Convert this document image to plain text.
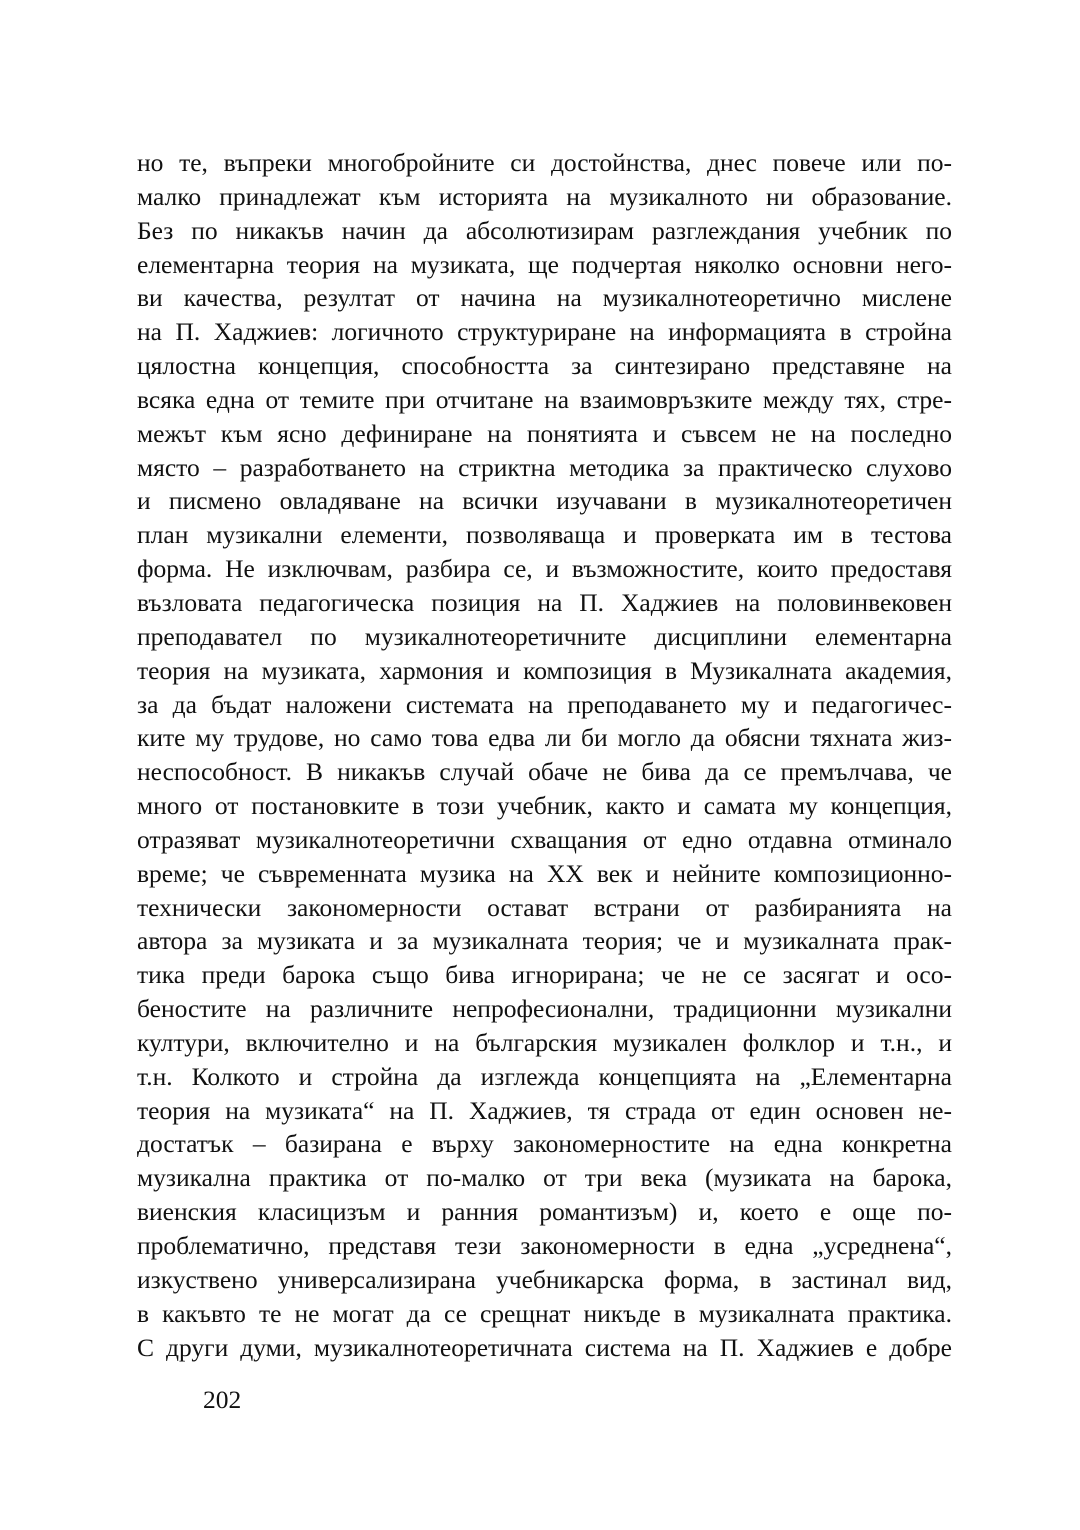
но те, въпреки многобройните си достойнства, днес повече или по-
малко принадлежат към историята на музикалното ни образование.
Без по никакъв начин да абсолютизирам разглеждания учебник по
елементарна теория на музиката, ще подчертая няколко основни него-
ви качества, резултат от начина на музикалнотеоретично мислене
на П. Хаджиев: логичното структуриране на информацията в стройна
цялостна концепция, способността за синтезирано представяне на
всяка една от темите при отчитане на взаимовръзките между тях, стре-
межът към ясно дефиниране на понятията и съвсем не на последно
място – разработването на стриктна методика за практическо слухово
и писмено овладяване на всички изучавани в музикалнотеоретичен
план музикални елементи, позволяваща и проверката им в тестова
форма. Не изключвам, разбира се, и възможностите, които предоставя
възловата педагогическа позиция на П. Хаджиев на половинвековен
преподавател по музикалнотеоретичните дисциплини елементарна
теория на музиката, хармония и композиция в Музикалната академия,
за да бъдат наложени системата на преподаването му и педагогичес-
ките му трудове, но само това едва ли би могло да обясни тяхната жиз-
неспособност. В никакъв случай обаче не бива да се премълчава, че
много от постановките в този учебник, както и самата му концепция,
отразяват музикалнотеоретични схващания от едно отдавна отминало
време; че съвременната музика на ХХ век и нейните композиционно-
технически закономерности остават встрани от разбиранията на
автора за музиката и за музикалната теория; че и музикалната прак-
тика преди барока също бива игнорирана; че не се засягат и осо-
беностите на различните непрофесионални, традиционни музикални
култури, включително и на българския музикален фолклор и т.н., и
т.н. Колкото и стройна да изглежда концепцията на „Елементарна
теория на музиката“ на П. Хаджиев, тя страда от един основен не-
достатък – базирана е върху закономерностите на една конкретна
музикална практика от по-малко от три века (музиката на барока,
виенския класицизъм и ранния романтизъм) и, което е още по-
проблематично, представя тези закономерности в една „усреднена“,
изкуствено универсализирана учебникарска форма, в застинал вид,
в какъвто те не могат да се срещнат никъде в музикалната практика.
С други думи, музикалнотеоретичната система на П. Хаджиев е добре
202
